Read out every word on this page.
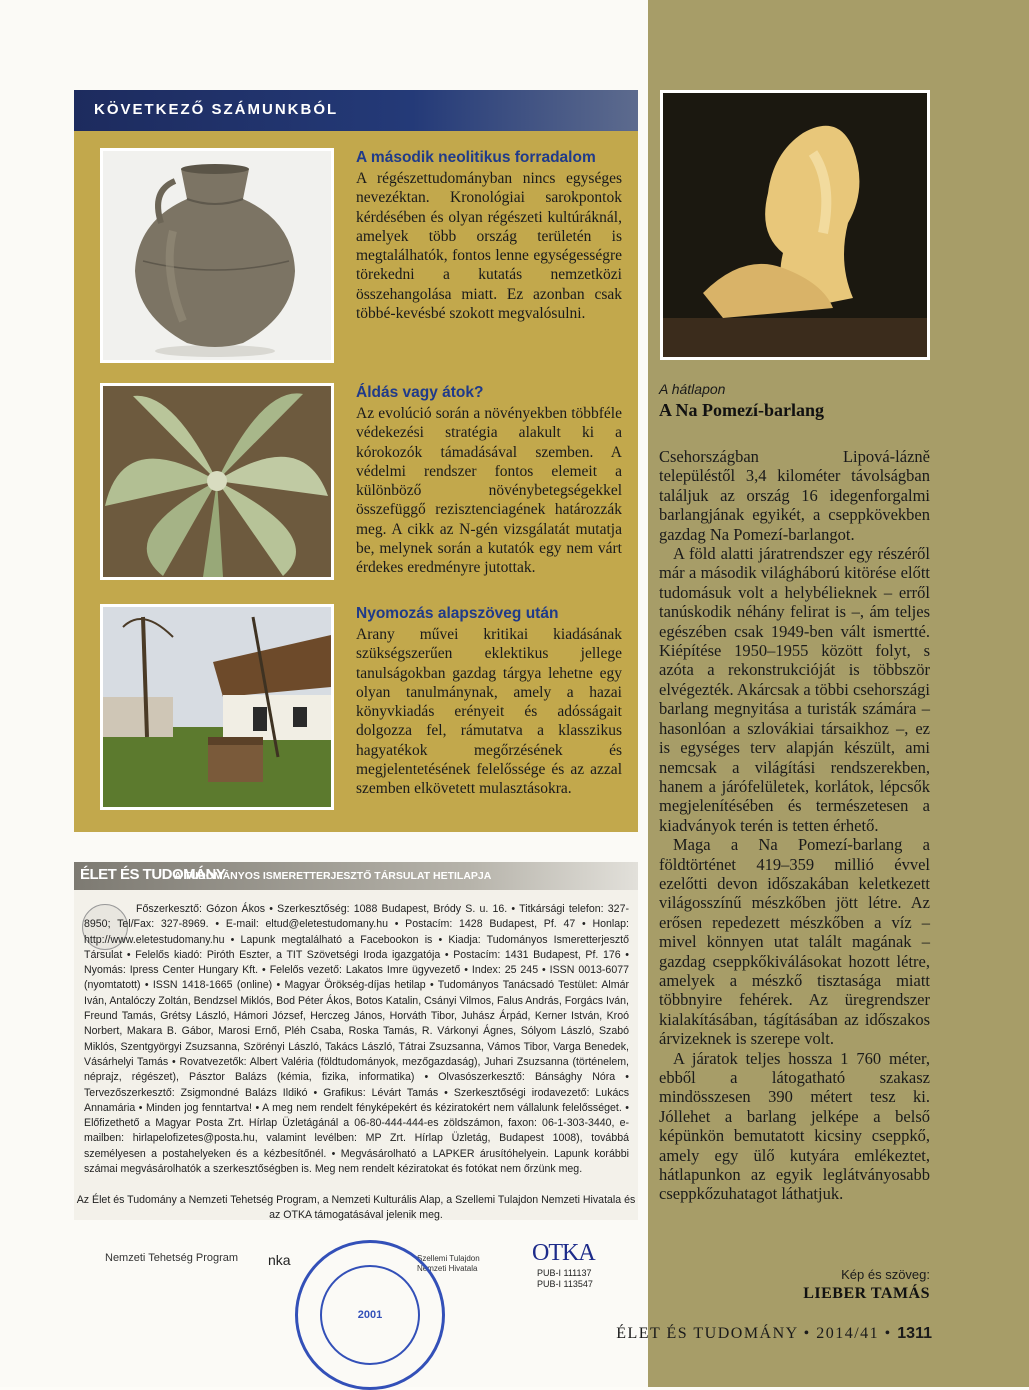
KÖVETKEZŐ SZÁMUNKBÓL

A második neolitikus forradalom

A régészettudományban nincs egységes nevezéktan. Kronológiai sarokpontok kérdésében és olyan régészeti kultúráknál, amelyek több ország területén is megtalálhatók, fontos lenne egységességre törekedni a kutatás nemzetközi összehangolása miatt. Ez azonban csak többé-kevésbé szokott megvalósulni.

Áldás vagy átok?

Az evolúció során a növényekben többféle védekezési stratégia alakult ki a kórokozók támadásával szemben. A védelmi rendszer fontos elemeit a különböző növénybetegségekkel összefüggő rezisztenciagének határozzák meg. A cikk az N-gén vizsgálatát mutatja be, melynek során a kutatók egy nem várt érdekes eredményre jutottak.

Nyomozás alapszöveg után

Arany művei kritikai kiadásának szükségszerűen eklektikus jellege tanulságokban gazdag tárgya lehetne egy olyan tanulmánynak, amely a hazai könyvkiadás erényeit és adósságait dolgozza fel, rámutatva a klasszikus hagyatékok megőrzésének és megjelentetésének felelőssége és az azzal szemben elkövetett mulasztásokra.

ÉLET ÉS TUDOMÁNY
A TUDOMÁNYOS ISMERETTERJESZTŐ TÁRSULAT HETILAPJA
Főszerkesztő: Gózon Ákos • Szerkesztőség: 1088 Budapest, Bródy S. u. 16. • Titkársági telefon: 327-8950; Tel/Fax: 327-8969. • E-mail: eltud@eletestudomany.hu • Postacím: 1428 Budapest, Pf. 47 • Honlap: http://www.eletestudomany.hu • Lapunk megtalálható a Facebookon is • Kiadja: Tudományos Ismeretterjesztő Társulat • Felelős kiadó: Piróth Eszter, a TIT Szövetségi Iroda igazgatója • Postacím: 1431 Budapest, Pf. 176 • Nyomás: Ipress Center Hungary Kft. • Felelős vezető: Lakatos Imre ügyvezető • Index: 25 245 • ISSN 0013-6077 (nyomtatott) • ISSN 1418-1665 (online) • Magyar Örökség-díjas hetilap • Tudományos Tanácsadó Testület: Almár Iván, Antalóczy Zoltán, Bendzsel Miklós, Bod Péter Ákos, Botos Katalin, Csányi Vilmos, Falus András, Forgács Iván, Freund Tamás, Grétsy László, Hámori József, Herczeg János, Horváth Tibor, Juhász Árpád, Kerner István, Kroó Norbert, Makara B. Gábor, Marosi Ernő, Pléh Csaba, Roska Tamás, R. Várkonyi Ágnes, Sólyom László, Szabó Miklós, Szentgyörgyi Zsuzsanna, Szörényi László, Takács László, Tátrai Zsuzsanna, Vámos Tibor, Varga Benedek, Vásárhelyi Tamás • Rovatvezetők: Albert Valéria (földtudományok, mezőgazdaság), Juhari Zsuzsanna (történelem, néprajz, régészet), Pásztor Balázs (kémia, fizika, informatika) • Olvasószerkesztő: Bánsághy Nóra • Tervezőszerkesztő: Zsigmondné Balázs Ildikó • Grafikus: Lévárt Tamás • Szerkesztőségi irodavezető: Lukács Annamária • Minden jog fenntartva! • A meg nem rendelt fényképekért és kéziratokért nem vállalunk felelősséget. • Előfizethető a Magyar Posta Zrt. Hírlap Üzletágánál a 06-80-444-444-es zöldszámon, faxon: 06-1-303-3440, e-mailben: hirlapelofizetes@posta.hu, valamint levélben: MP Zrt. Hírlap Üzletág, Budapest 1008), továbbá személyesen a postahelyeken és a kézbesítőnél. • Megvásárolható a LAPKER árusítóhelyein. Lapunk korábbi számai megvásárolhatók a szerkesztőségben is. Meg nem rendelt kéziratokat és fotókat nem őrzünk meg.
Az Élet és Tudomány a Nemzeti Tehetség Program, a Nemzeti Kulturális Alap, a Szellemi Tulajdon Nemzeti Hivatala és az OTKA támogatásával jelenik meg.
Nemzeti Tehetség Program nka	Szellemi Tulajdon Nemzeti Hivatala
OTKA
PUB-I 111137
PUB-I 113547
2001
A hátlapon
A Na Pomezí-barlang

Csehországban Lipová-lázně településtől 3,4 kilométer távolságban találjuk az ország 16 idegenforgalmi barlangjának egyikét, a cseppkövekben gazdag Na Pomezí-barlangot.

A föld alatti járatrendszer egy részéről már a második világháború kitörése előtt tudomásuk volt a helybélieknek – erről tanúskodik néhány felirat is –, ám teljes egészében csak 1949-ben vált ismertté. Kiépítése 1950–1955 között folyt, s azóta a rekonstrukcióját is többször elvégezték. Akárcsak a többi csehországi barlang megnyitása a turisták számára – hasonlóan a szlovákiai társaikhoz –, ez is egységes terv alapján készült, ami nemcsak a világítási rendszerekben, hanem a járófelületek, korlátok, lépcsők megjelenítésében és természetesen a kiadványok terén is tetten érhető.

Maga a Na Pomezí-barlang a földtörténet 419–359 millió évvel ezelőtti devon időszakában keletkezett világosszínű mészkőben jött létre. Az erősen repedezett mészkőben a víz – mivel könnyen utat talált magának – gazdag cseppkőkiválásokat hozott létre, amelyek a mészkő tisztasága miatt többnyire fehérek. Az üregrendszer kialakításában, tágításában az időszakos árvizeknek is szerepe volt.

A járatok teljes hossza 1 760 méter, ebből a látogatható szakasz mindösszesen 390 métert tesz ki. Jóllehet a barlang jelképe a belső képünkön bemutatott kicsiny cseppkő, amely egy ülő kutyára emlékeztet, hátlapunkon az egyik leglátványosabb cseppkőzuhatagot láthatjuk.

Kép és szöveg:
LIEBER TAMÁS
ÉLET ÉS TUDOMÁNY • 2014/41 • 1311
